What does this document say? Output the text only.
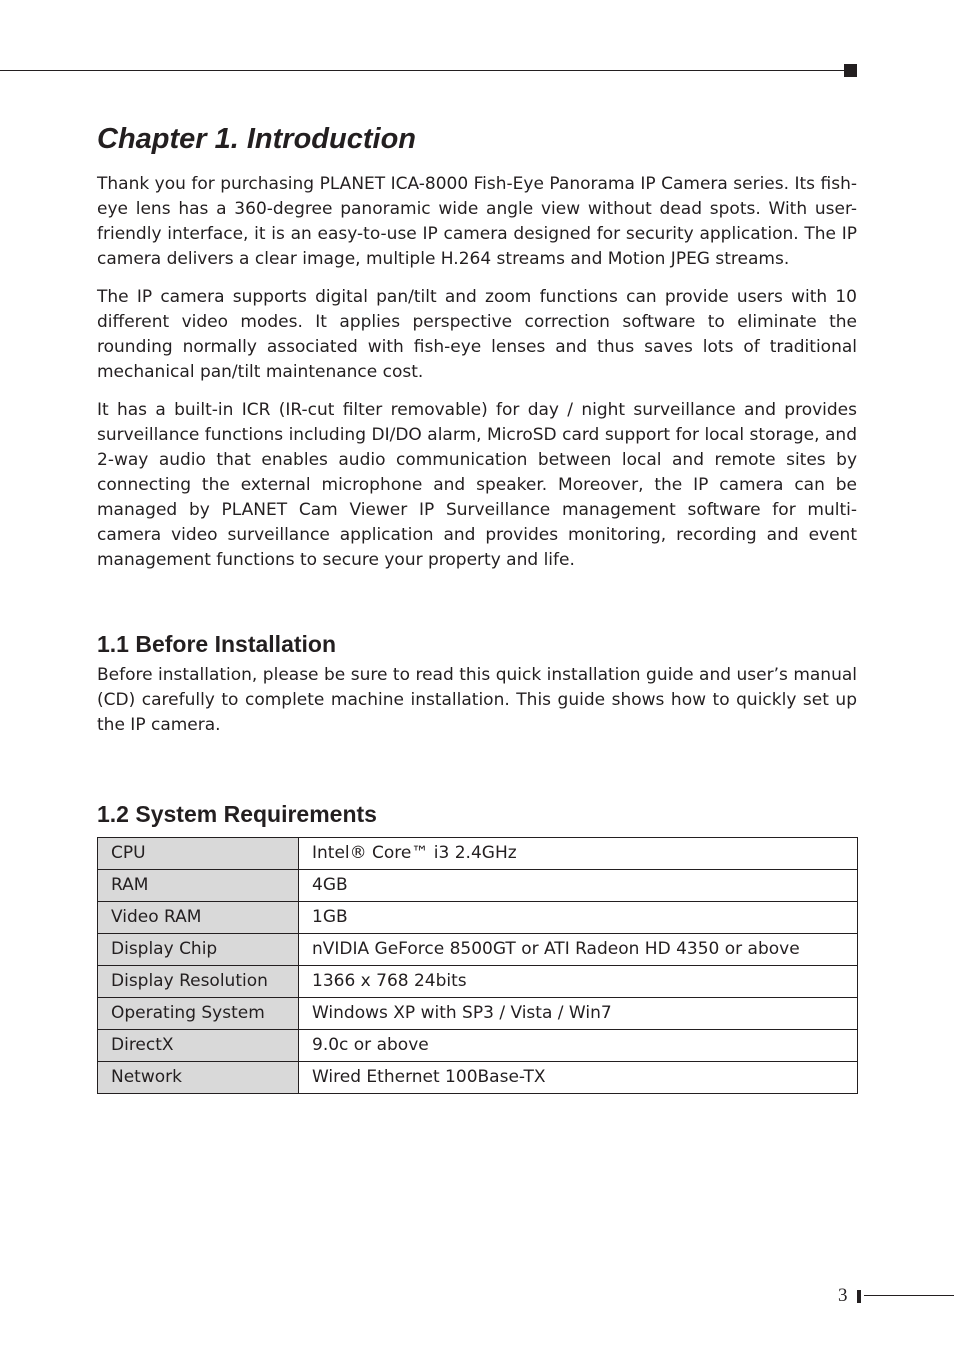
Chapter 1. Introduction

Thank you for purchasing PLANET ICA-8000 Fish-Eye Panorama IP Camera series. Its fish-eye lens has a 360-degree panoramic wide angle view without dead spots. With user-friendly interface, it is an easy-to-use IP camera designed for security application. The IP camera delivers a clear image, multiple H.264 streams and Motion JPEG streams.

The IP camera supports digital pan/tilt and zoom functions can provide users with 10 different video modes. It applies perspective correction software to eliminate the rounding normally associated with fish-eye lenses and thus saves lots of traditional mechanical pan/tilt maintenance cost.

It has a built-in ICR (IR-cut filter removable) for day / night surveillance and provides surveillance functions including DI/DO alarm, MicroSD card support for local storage, and 2-way audio that enables audio communication between local and remote sites by connecting the external microphone and speaker. Moreover, the IP camera can be managed by PLANET Cam Viewer IP Surveillance management software for multi-camera video surveillance application and provides monitoring, recording and event management functions to secure your property and life.

1.1 Before Installation

Before installation, please be sure to read this quick installation guide and user’s manual (CD) carefully to complete machine installation. This guide shows how to quickly set up the IP camera.

1.2 System Requirements
CPU	Intel® Core™ i3 2.4GHz
RAM	4GB
Video RAM	1GB
Display Chip	nVIDIA GeForce 8500GT or ATI Radeon HD 4350 or above
Display Resolution	1366 x 768 24bits
Operating System	Windows XP with SP3 / Vista / Win7
DirectX	9.0c or above
Network	Wired Ethernet 100Base-TX
3
